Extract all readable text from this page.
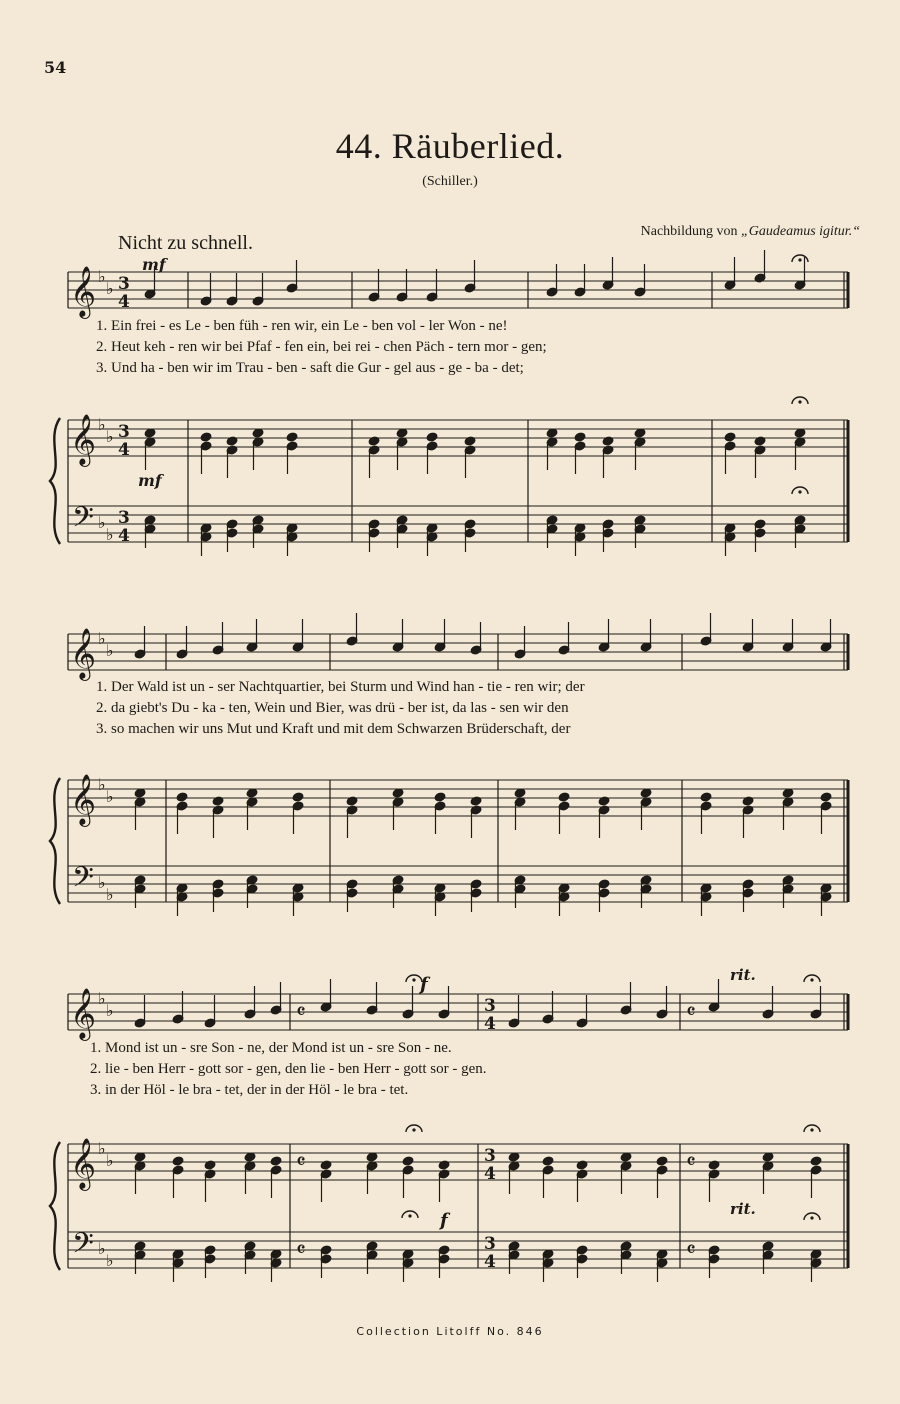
54
44. Räuberlied.
(Schiller.)
Nachbildung von „Gaudeamus igitur.“
Nicht zu schnell.
𝄞
𝄞
𝄢
♭
♭
♭
♭
♭
♭
3
4
3
4
3
4
𝄞
𝄞
𝄢
♭
♭
♭
♭
♭
♭
𝄞
𝄞
𝄢
♭
♭
♭
♭
♭
♭
𝄴
𝄴
𝄴
3
4
3
4
3
4
𝄴
𝄴
𝄴
mf
mf
f
f
rit.
rit.
1. Ein frei - es Le - ben füh - ren wir, ein Le - ben vol - ler Won - ne!
2. Heut keh - ren wir bei Pfaf - fen ein, bei rei - chen Päch - tern mor - gen;
3. Und ha - ben wir im Trau - ben - saft die Gur - gel aus - ge - ba - det;
1. Der Wald ist un - ser Nachtquartier, bei Sturm und Wind han - tie - ren wir; der
2. da giebt's Du - ka - ten, Wein und Bier, was drü - ber ist, da las - sen wir den
3. so machen wir uns Mut und Kraft und mit dem Schwarzen Brüderschaft, der
1. Mond ist un - sre Son - ne, der Mond ist un - sre Son - ne.
2. lie - ben Herr - gott sor - gen, den lie - ben Herr - gott sor - gen.
3. in der Höl - le bra - tet, der in der Höl - le bra - tet.
Collection Litolff No. 846
